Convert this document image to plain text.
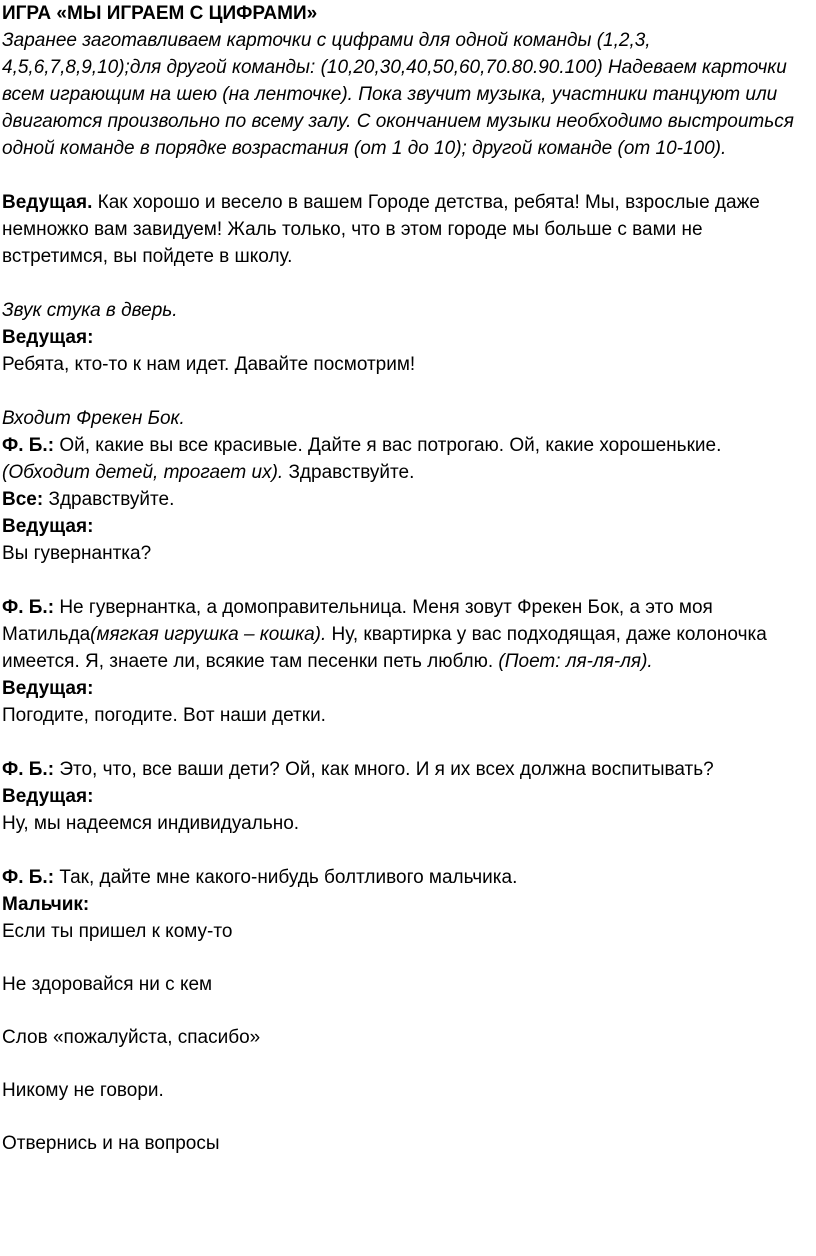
ИГРА «МЫ ИГРАЕМ С ЦИФРАМИ»

Заранее заготавливаем карточки с цифрами для одной команды (1,2,3, 4,5,6,7,8,9,10);для другой команды: (10,20,30,40,50,60,70.80.90.100) Надеваем карточки всем играющим на шею (на ленточке). Пока звучит музыка, участники танцуют или двигаются произвольно по всему залу. С окончанием музыки необходимо выстроиться одной команде в порядке возрастания (от 1 до 10); другой команде (от 10-100).

Ведущая. Как хорошо и весело в вашем Городе детства, ребята! Мы, взрослые даже немножко вам завидуем! Жаль только, что в этом городе мы больше с вами не встретимся, вы пойдете в школу.

Звук стука в дверь.

Ведущая:

Ребята, кто-то к нам идет. Давайте посмотрим!

Входит Фрекен Бок.

Ф. Б.: Ой, какие вы все красивые. Дайте я вас потрогаю. Ой, какие хорошенькие. (Обходит детей, трогает их). Здравствуйте.

Все: Здравствуйте.

Ведущая:

Вы гувернантка?

Ф. Б.: Не гувернантка, а домоправительница. Меня зовут Фрекен Бок, а это моя Матильда(мягкая игрушка – кошка). Ну, квартирка у вас подходящая, даже колоночка имеется. Я, знаете ли, всякие там песенки петь люблю. (Поет: ля-ля-ля).

Ведущая:

Погодите, погодите. Вот наши детки.

Ф. Б.: Это, что, все ваши дети? Ой, как много. И я их всех должна воспитывать?

Ведущая:

Ну, мы надеемся индивидуально.

Ф. Б.: Так, дайте мне какого-нибудь болтливого мальчика.

Мальчик:

Если ты пришел к кому-то

Не здоровайся ни с кем

Слов «пожалуйста, спасибо»

Никому не говори.

Отвернись и на вопросы
